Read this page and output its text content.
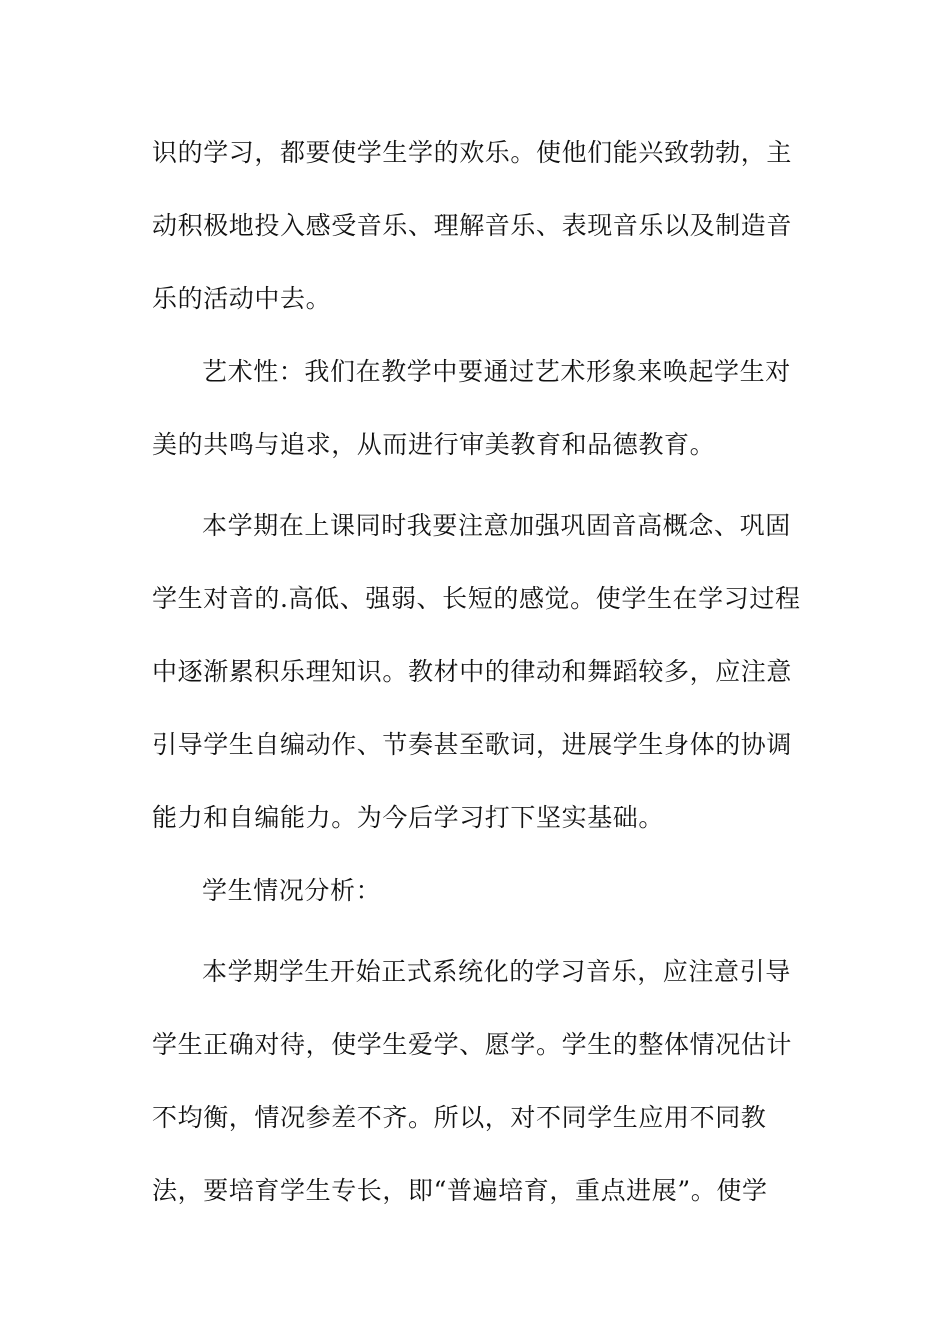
识的学习，都要使学生学的欢乐。使他们能兴致勃勃，主

动积极地投入感受音乐、理解音乐、表现音乐以及制造音

乐的活动中去。

艺术性：我们在教学中要通过艺术形象来唤起学生对

美的共鸣与追求，从而进行审美教育和品德教育。

本学期在上课同时我要注意加强巩固音高概念、巩固

学生对音的.高低、强弱、长短的感觉。使学生在学习过程

中逐渐累积乐理知识。教材中的律动和舞蹈较多，应注意

引导学生自编动作、节奏甚至歌词，进展学生身体的协调

能力和自编能力。为今后学习打下坚实基础。

学生情况分析：

本学期学生开始正式系统化的学习音乐，应注意引导

学生正确对待，使学生爱学、愿学。学生的整体情况估计

不均衡，情况参差不齐。所以，对不同学生应用不同教

法，要培育学生专长，即“普遍培育，重点进展”。使学
